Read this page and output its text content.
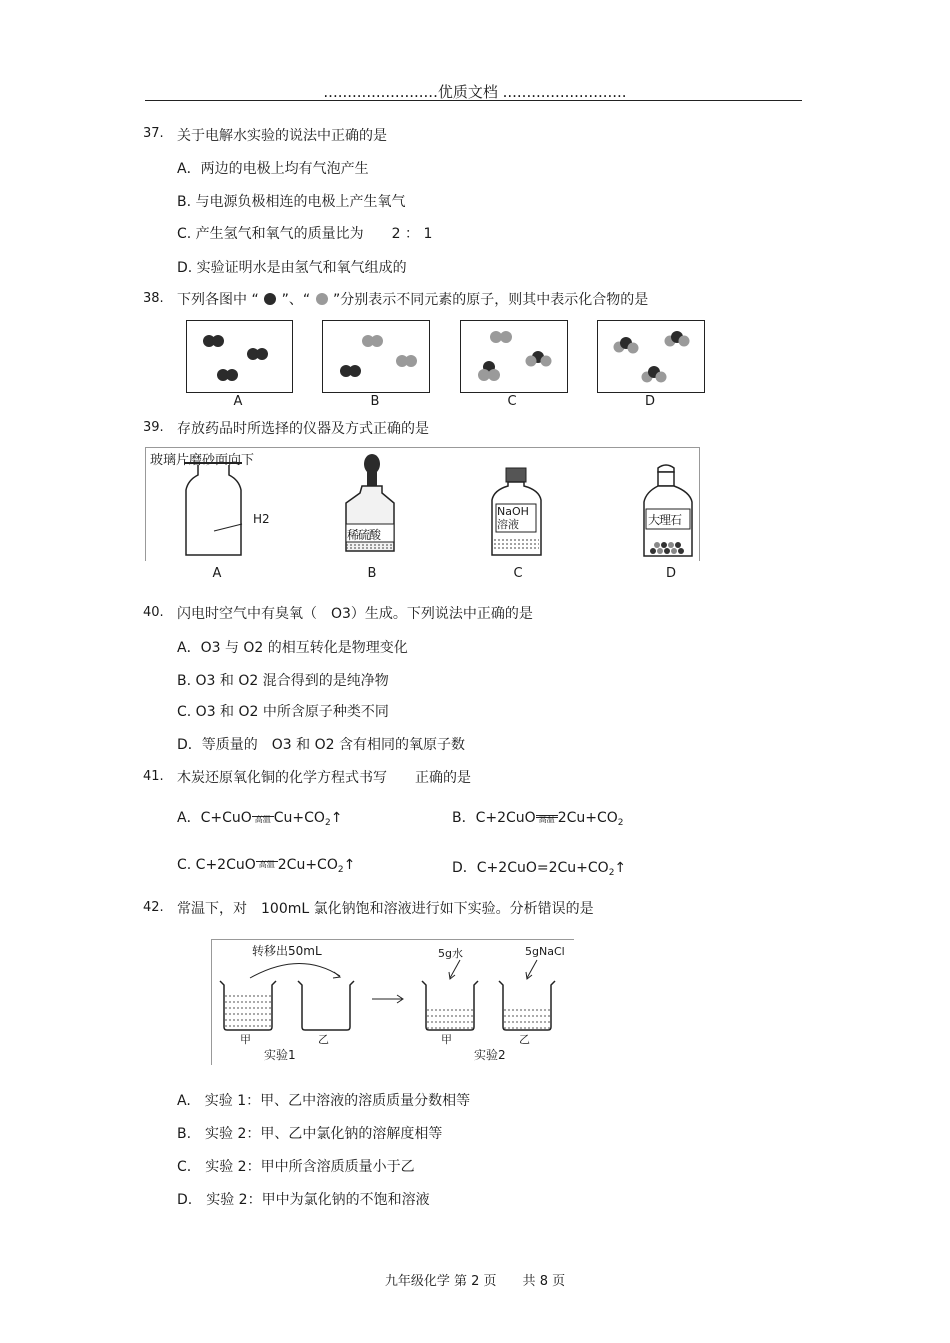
........................优质文档 ..........................
37. 关于电解水实验的说法中正确的是
A．两边的电极上均有气泡产生
B. 与电源负极相连的电极上产生氧气
C. 产生氢气和氧气的质量比为　　2 ： 1
D. 实验证明水是由氢气和氧气组成的
38. 下列各图中 “ ”、“ ”分别表示不同元素的原子，则其中表示化合物的是
A	B	C	D
39. 存放药品时所选择的仪器及方式正确的是
玻璃片磨砂面向下
H2
稀硫酸
NaOH溶液	大理石
A	B	C	D
40. 闪电时空气中有臭氧（　O3）生成。下列说法中正确的是
A．O3 与 O2 的相互转化是物理变化
B. O3 和 O2 混合得到的是纯净物
C. O3 和 O2 中所含原子种类不同
D．等质量的　O3 和 O2 含有相同的氧原子数
41. 木炭还原氧化铜的化学方程式书写　　正确的是
A．C+CuO 高温 $Cu+CO_2↑$	B．C+2CuO 高温 $2Cu+CO_2$
C. C+2CuO 高温 $2Cu+CO_2↑$	D．$C+2CuO=2Cu+CO_2↑$
42. 常温下，对　100mL 氯化钠饱和溶液进行如下实验。分析错误的是
转移出50mL	5g水	5gNaCl
甲	乙	甲	乙
实验1	实验2
A.　实验 1：甲、乙中溶液的溶质质量分数相等
B.　实验 2：甲、乙中氯化钠的溶解度相等
C.　实验 2：甲中所含溶质质量小于乙
D.　实验 2：甲中为氯化钠的不饱和溶液
九年级化学 第 2 页　　共 8 页
